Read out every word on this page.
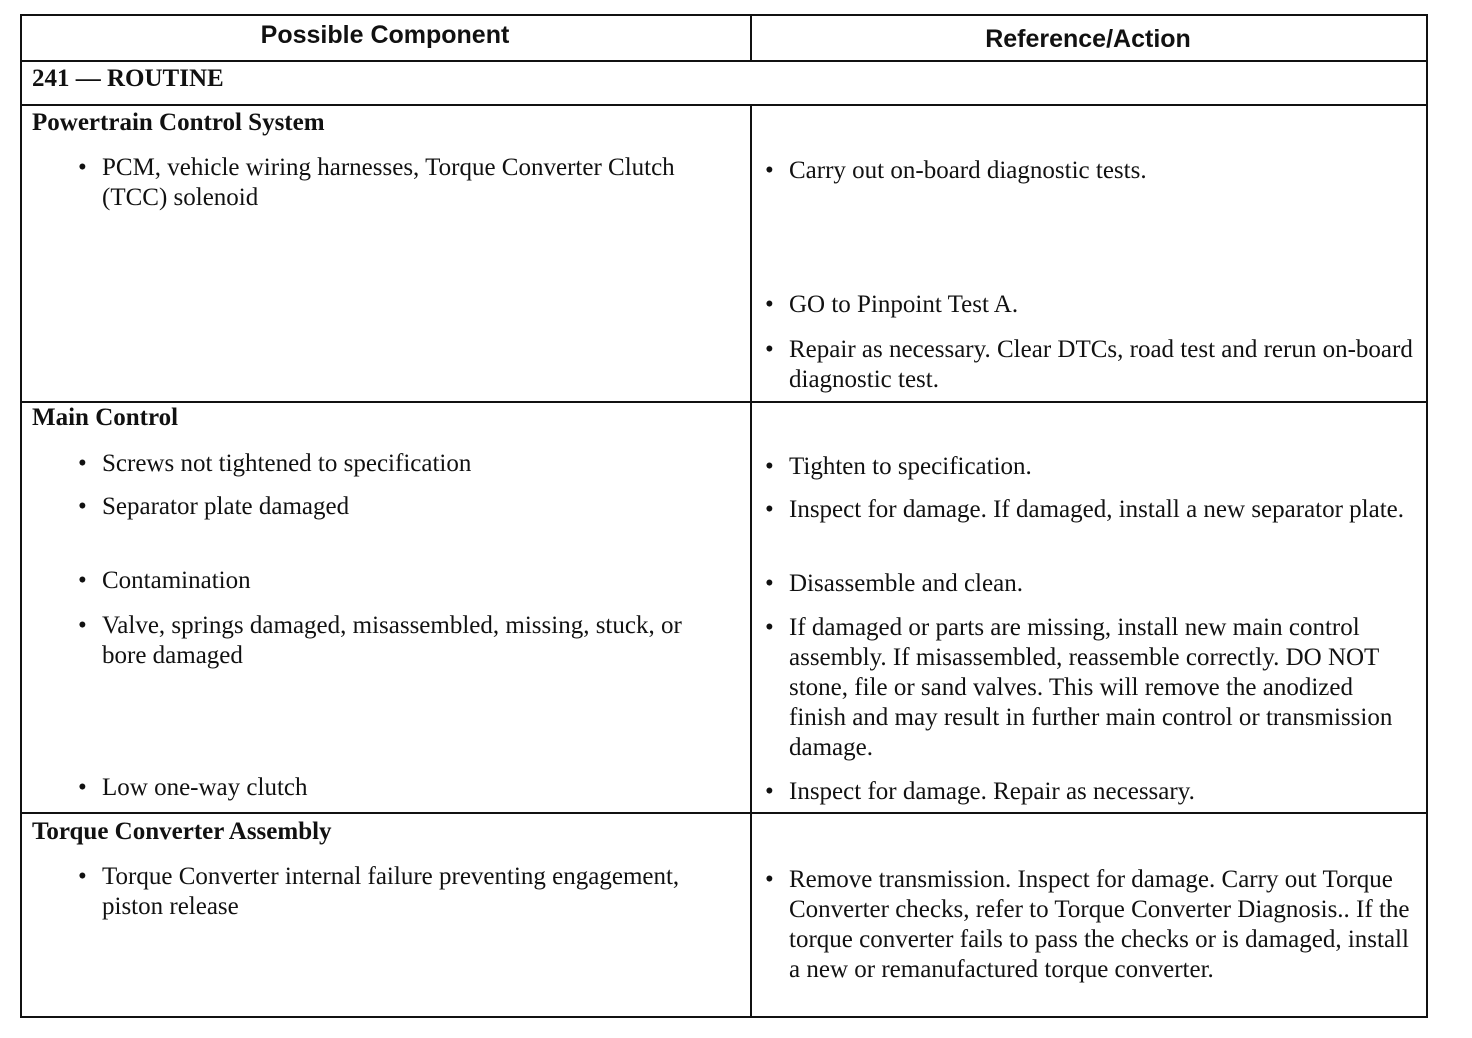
Possible Component	Reference/Action
241 — ROUTINE
Powertrain Control System
• PCM, vehicle wiring harnesses, Torque Converter Clutch (TCC) solenoid
• Carry out on-board diagnostic tests.
• GO to Pinpoint Test A.
• Repair as necessary. Clear DTCs, road test and rerun on-board diagnostic test.
Main Control
• Screws not tightened to specification
• Separator plate damaged
• Contamination
• Valve, springs damaged, misassembled, missing, stuck, or bore damaged
• Low one-way clutch
• Tighten to specification.
• Inspect for damage. If damaged, install a new separator plate.
• Disassemble and clean.
• If damaged or parts are missing, install new main control assembly. If misassembled, reassemble correctly. DO NOT stone, file or sand valves. This will remove the anodized finish and may result in further main control or transmission damage.
• Inspect for damage. Repair as necessary.
Torque Converter Assembly
• Torque Converter internal failure preventing engagement, piston release
• Remove transmission. Inspect for damage. Carry out Torque Converter checks, refer to Torque Converter Diagnosis.. If the torque converter fails to pass the checks or is damaged, install a new or remanufactured torque converter.
